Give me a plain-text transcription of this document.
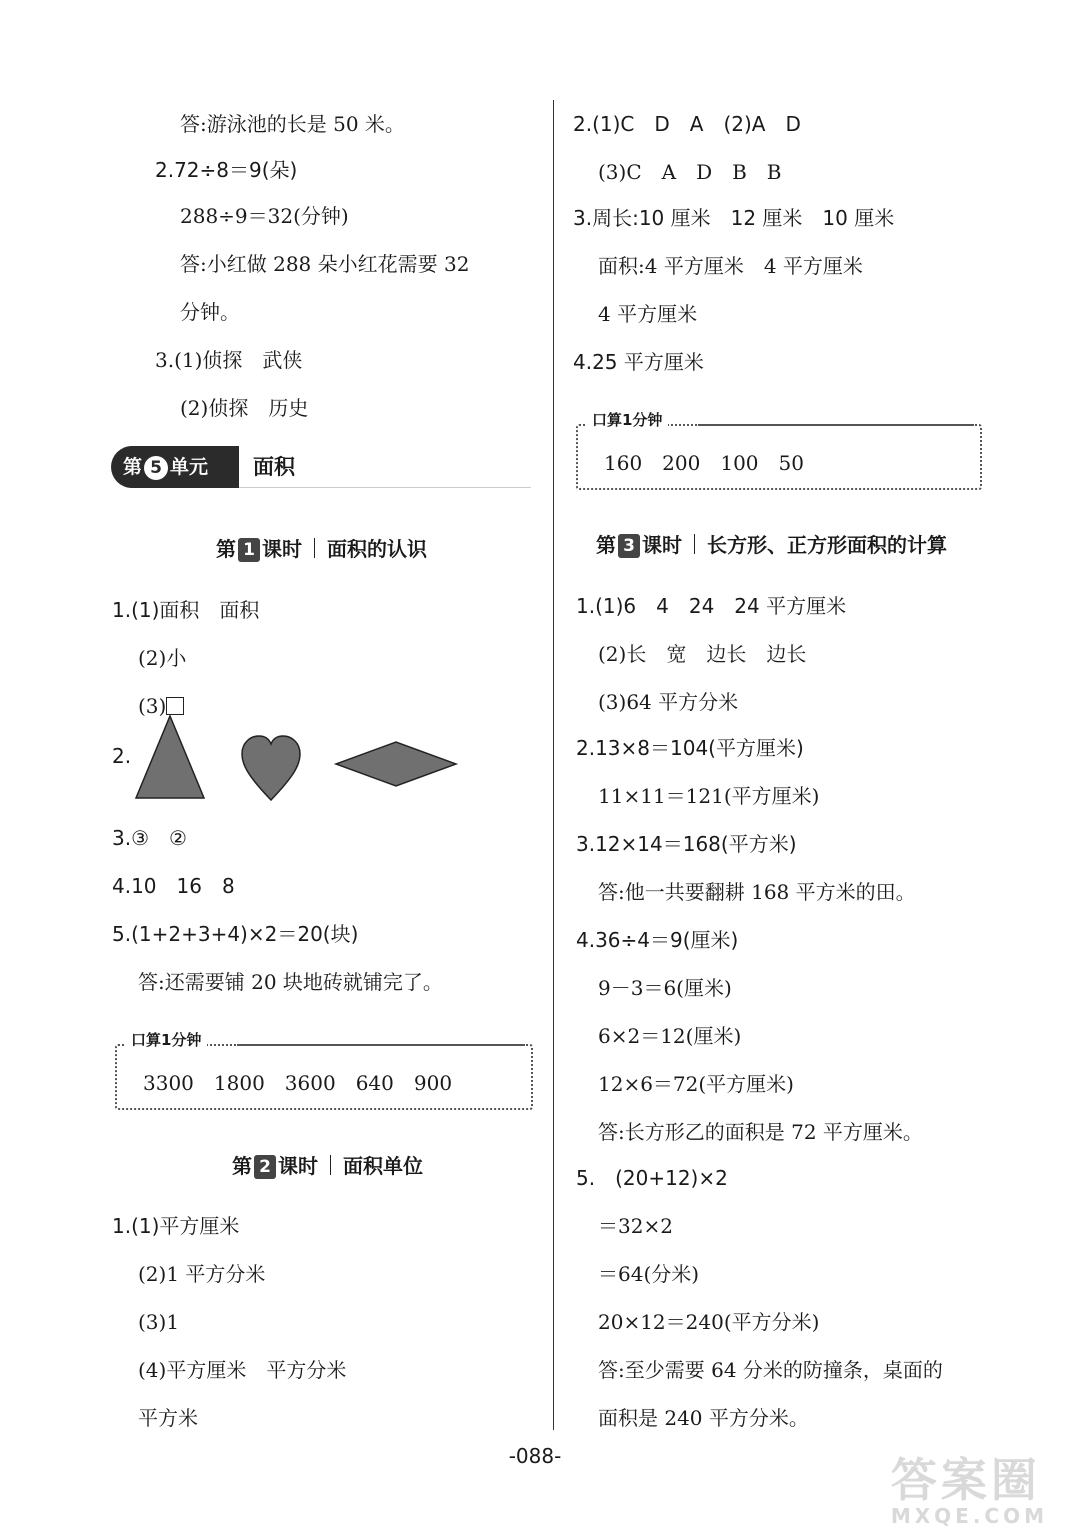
答:游泳池的长是 50 米。
2.72÷8＝9(朵)
288÷9＝32(分钟)
答:小红做 288 朵小红花需要 32
分钟。
3.(1)侦探　武侠
(2)侦探　历史
第 5 单元	面积
第 1 课时 面积的认识
1.(1)面积　面积
(2)小
(3)
2.
3.③　②
4.10　16　8
5.(1+2+3+4)×2＝20(块)
答:还需要铺 20 块地砖就铺完了。
口算1分钟
3300　1800　3600　640　900
第 2 课时 面积单位
1.(1)平方厘米
(2)1 平方分米
(3)1
(4)平方厘米　平方分米
平方米
2.(1)C　D　A　(2)A　D
(3)C　A　D　B　B
3.周长:10 厘米　12 厘米　10 厘米
面积:4 平方厘米　4 平方厘米
4 平方厘米
4.25 平方厘米
口算1分钟
160　200　100　50
第 3 课时 长方形、正方形面积的计算
1.(1)6　4　24　24 平方厘米
(2)长　宽　边长　边长
(3)64 平方分米
2.13×8＝104(平方厘米)
11×11＝121(平方厘米)
3.12×14＝168(平方米)
答:他一共要翻耕 168 平方米的田。
4.36÷4＝9(厘米)
9－3＝6(厘米)
6×2＝12(厘米)
12×6＝72(平方厘米)
答:长方形乙的面积是 72 平方厘米。
5.　(20+12)×2
＝32×2
＝64(分米)
20×12＝240(平方分米)
答:至少需要 64 分米的防撞条，桌面的
面积是 240 平方分米。
-088-	答案圈
MXQE.COM
